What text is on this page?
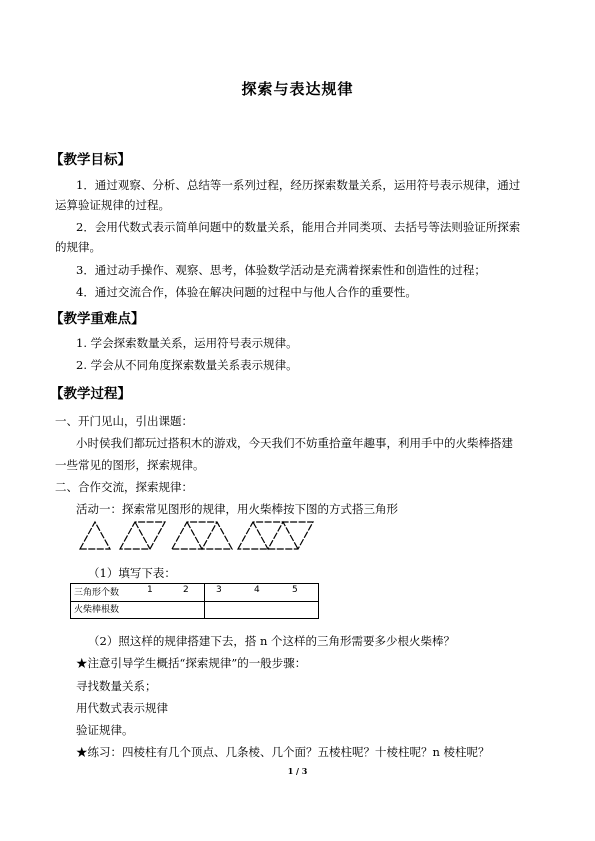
探索与表达规律
【教学目标】
1．通过观察、分析、总结等一系列过程，经历探索数量关系，运用符号表示规律，通过
运算验证规律的过程。
2．会用代数式表示简单问题中的数量关系，能用合并同类项、去括号等法则验证所探索
的规律。
3．通过动手操作、观察、思考，体验数学活动是充满着探索性和创造性的过程；
4．通过交流合作，体验在解决问题的过程中与他人合作的重要性。
【教学重难点】
1. 学会探索数量关系，运用符号表示规律。
2. 学会从不同角度探索数量关系表示规律。
【教学过程】
一、开门见山，引出课题：
小时侯我们都玩过搭积木的游戏，今天我们不妨重拾童年趣事，利用手中的火柴棒搭建
一些常见的图形，探索规律。
二、合作交流，探索规律：
活动一：探索常见图形的规律，用火柴棒按下图的方式搭三角形
（1）填写下表：
三角形个数	1	2	3	4	5
火柴棒根数
（2）照这样的规律搭建下去，搭 n 个这样的三角形需要多少根火柴棒？
★注意引导学生概括“探索规律”的一般步骤：
寻找数量关系；
用代数式表示规律
验证规律。
★练习：四棱柱有几个顶点、几条棱、几个面？五棱柱呢？十棱柱呢？n 棱柱呢？
1 / 3
